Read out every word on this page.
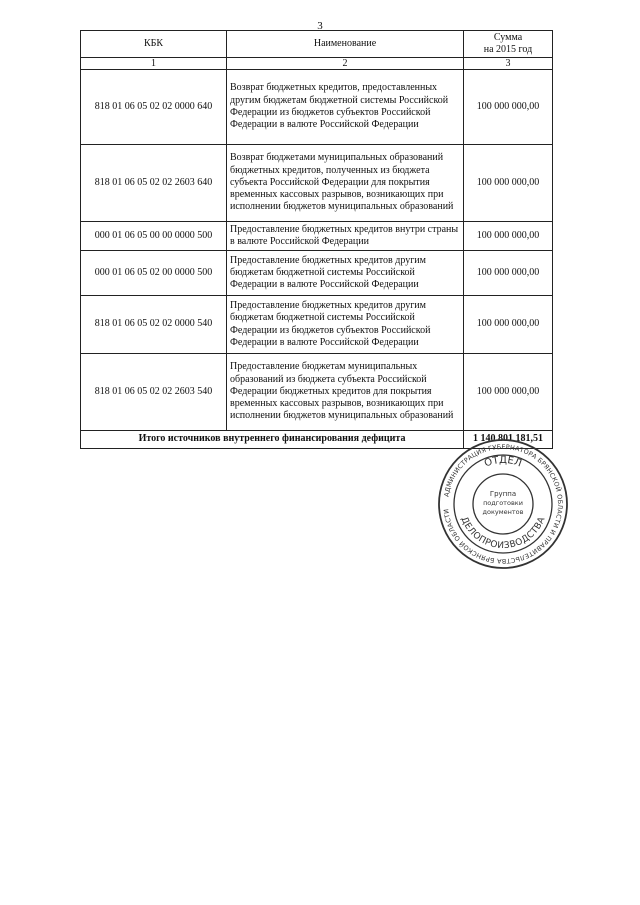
3
КБК	Наименование	Сумма
на 2015 год

1	2	3
818 01 06 05 02 02 0000 640	Возврат бюджетных кредитов, предоставленных другим бюджетам бюджетной системы Российской Федерации из бюджетов субъектов Российской Федерации в валюте Российской Федерации	100 000 000,00
818 01 06 05 02 02 2603 640	Возврат бюджетами муниципальных образований бюджетных кредитов, полученных из бюджета субъекта Российской Федерации для покрытия временных кассовых разрывов, возникающих при исполнении бюджетов муниципальных образований	100 000 000,00
000 01 06 05 00 00 0000 500	Предоставление бюджетных кредитов внутри страны в валюте Российской Федерации	100 000 000,00
000 01 06 05 02 00 0000 500	Предоставление бюджетных кредитов другим бюджетам бюджетной системы Российской Федерации в валюте Российской Федерации	100 000 000,00
818 01 06 05 02 02 0000 540	Предоставление бюджетных кредитов другим бюджетам бюджетной системы Российской Федерации из бюджетов субъектов Российской Федерации в валюте Российской Федерации	100 000 000,00
818 01 06 05 02 02 2603 540	Предоставление бюджетам муниципальных образований из бюджета субъекта Российской Федерации бюджетных кредитов для покрытия временных кассовых разрывов, возникающих при исполнении бюджетов муниципальных образований	100 000 000,00
Итого источников внутреннего финансирования дефицита		1 140 801 181,51
АДМИНИСТРАЦИЯ ГУБЕРНАТОРА БРЯНСКОЙ ОБЛАСТИ И ПРАВИТЕЛЬСТВА БРЯНСКОЙ ОБЛАСТИ
ОТДЕЛ
ДЕЛОПРОИЗВОДСТВА
Группа
подготовки
документов
